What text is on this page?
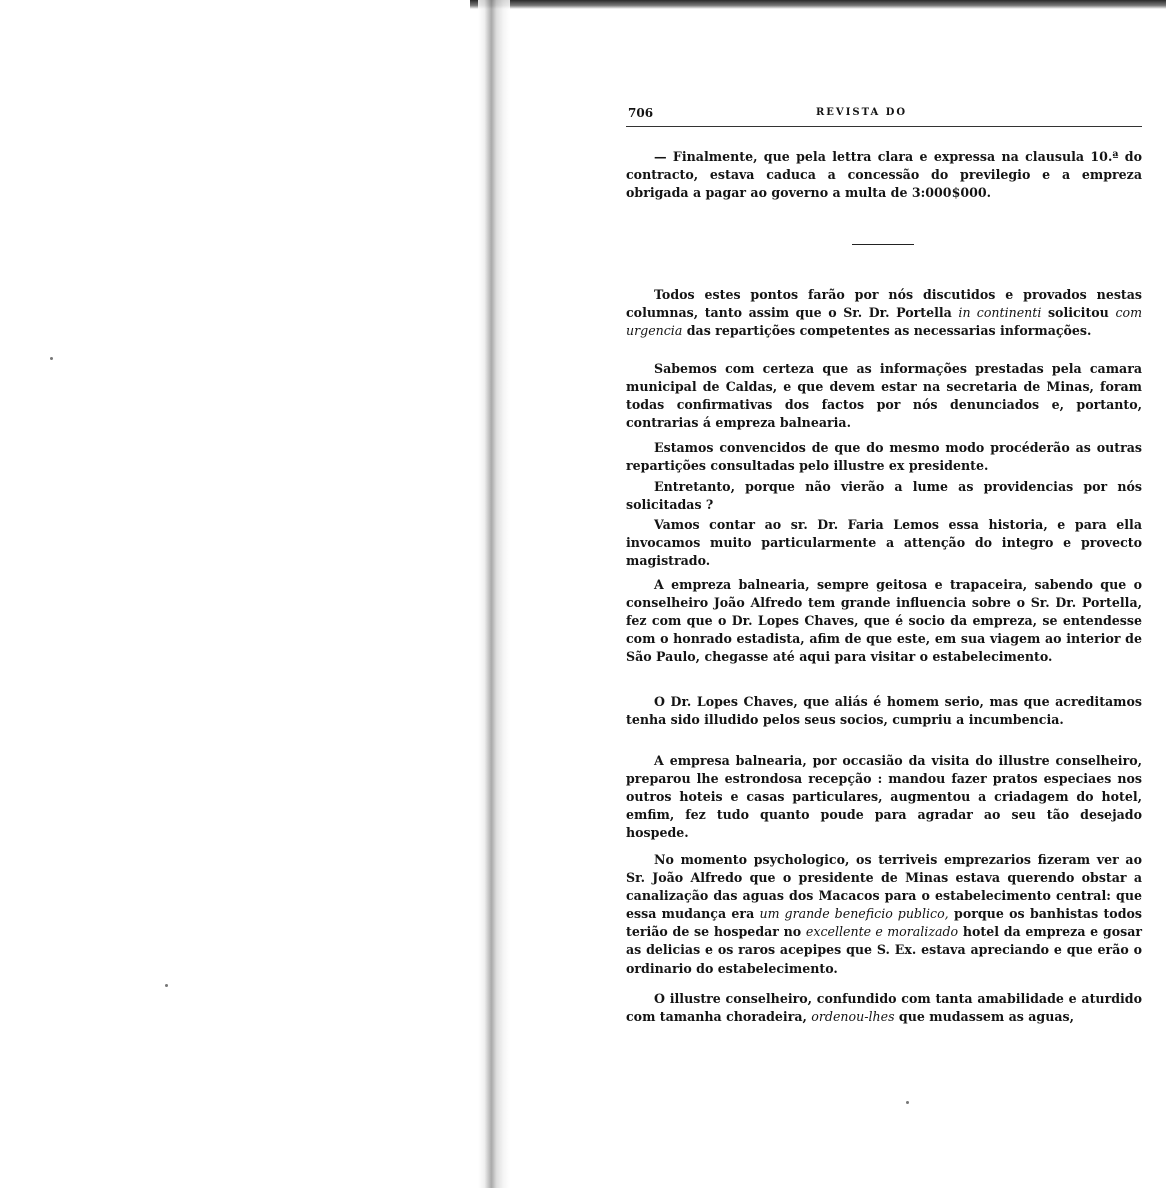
706	REVISTA DO

— Finalmente, que pela lettra clara e expressa na clausula 10.ª do contracto, estava caduca a concessão do previlegio e a empreza obrigada a pagar ao governo a multa de 3:000$000.

Todos estes pontos farão por nós discutidos e provados nestas columnas, tanto assim que o Sr. Dr. Portella in continenti solicitou com urgencia das repartições competentes as necessarias informações.

Sabemos com certeza que as informações prestadas pela camara municipal de Caldas, e que devem estar na secretaria de Minas, foram todas confirmativas dos factos por nós denunciados e, portanto, contrarias á empreza balnearia.

Estamos convencidos de que do mesmo modo procéderão as outras repartições consultadas pelo illustre ex presidente.

Entretanto, porque não vierão a lume as providencias por nós solicitadas ?

Vamos contar ao sr. Dr. Faria Lemos essa historia, e para ella invocamos muito particularmente a attenção do integro e provecto magistrado.

A empreza balnearia, sempre geitosa e trapaceira, sabendo que o conselheiro João Alfredo tem grande influencia sobre o Sr. Dr. Portella, fez com que o Dr. Lopes Chaves, que é socio da empreza, se entendesse com o honrado estadista, afim de que este, em sua viagem ao interior de São Paulo, chegasse até aqui para visitar o estabelecimento.

O Dr. Lopes Chaves, que aliás é homem serio, mas que acreditamos tenha sido illudido pelos seus socios, cumpriu a incumbencia.

A empresa balnearia, por occasião da visita do illustre conselheiro, preparou lhe estrondosa recepção : mandou fazer pratos especiaes nos outros hoteis e casas particulares, augmentou a criadagem do hotel, emfim, fez tudo quanto poude para agradar ao seu tão desejado hospede.

No momento psychologico, os terriveis emprezarios fizeram ver ao Sr. João Alfredo que o presidente de Minas estava querendo obstar a canalização das aguas dos Macacos para o estabelecimento central: que essa mudança era um grande beneficio publico, porque os banhistas todos terião de se hospedar no excellente e moralizado hotel da empreza e gosar as delicias e os raros acepipes que S. Ex. estava apreciando e que erão o ordinario do estabelecimento.

O illustre conselheiro, confundido com tanta amabilidade e aturdido com tamanha choradeira, ordenou-lhes que mudassem as aguas,
